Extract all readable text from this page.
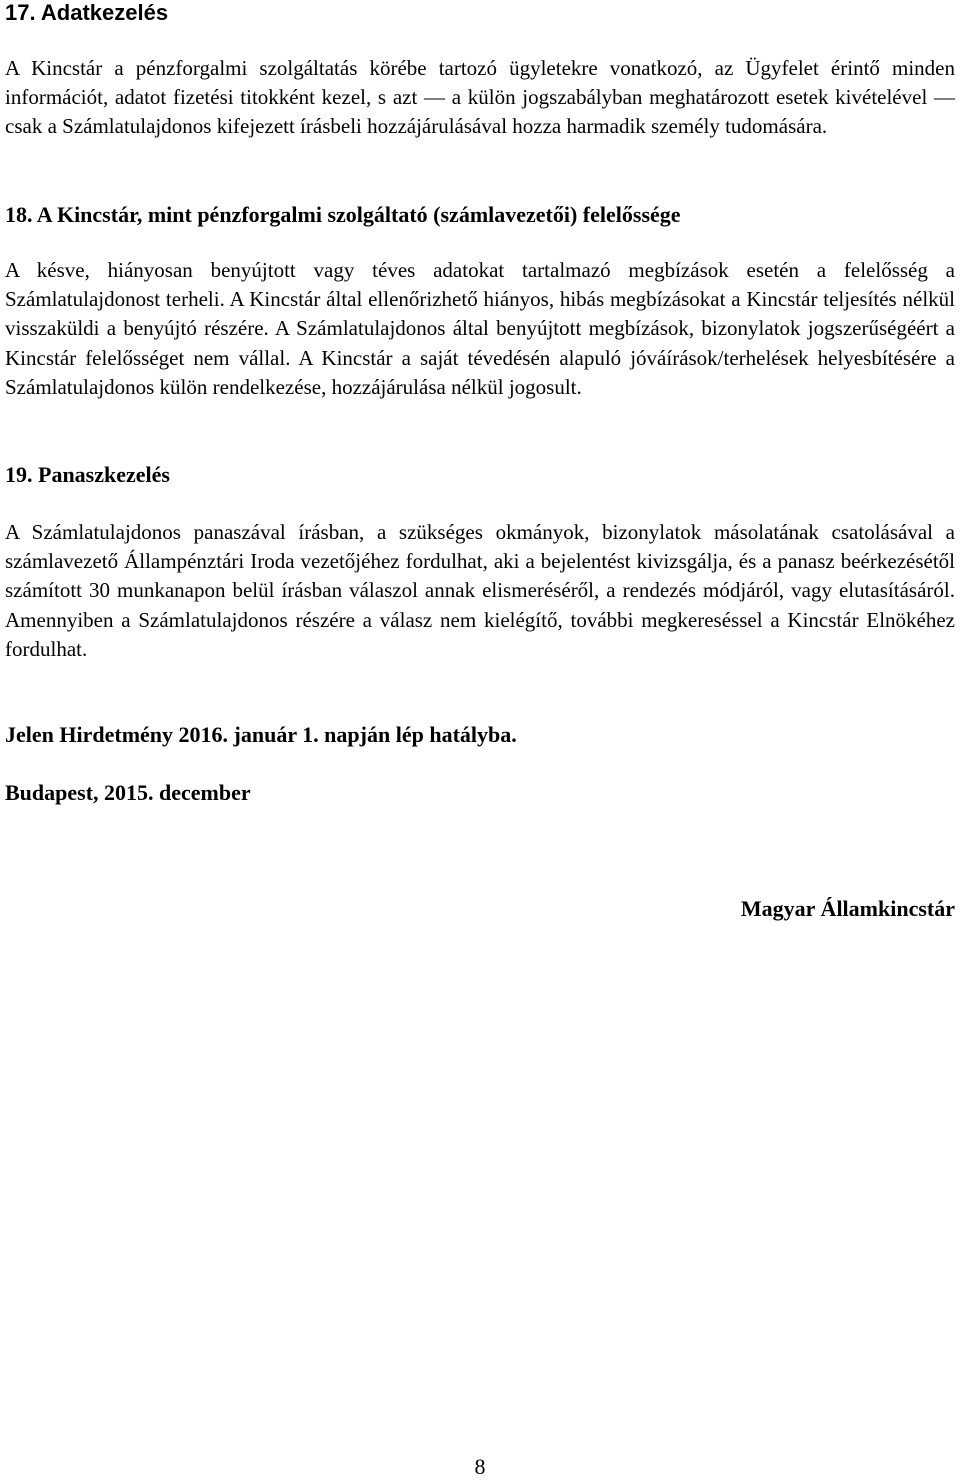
17. Adatkezelés

A Kincstár a pénzforgalmi szolgáltatás körébe tartozó ügyletekre vonatkozó, az Ügyfelet érintő minden információt, adatot fizetési titokként kezel, s azt — a külön jogszabályban meghatározott esetek kivételével — csak a Számlatulajdonos kifejezett írásbeli hozzájárulásával hozza harmadik személy tudomására.

18. A Kincstár, mint pénzforgalmi szolgáltató (számlavezetői) felelőssége

A késve, hiányosan benyújtott vagy téves adatokat tartalmazó megbízások esetén a felelősség a Számlatulajdonost terheli. A Kincstár által ellenőrizhető hiányos, hibás megbízásokat a Kincstár teljesítés nélkül visszaküldi a benyújtó részére. A Számlatulajdonos által benyújtott megbízások, bizonylatok jogszerűségéért a Kincstár felelősséget nem vállal. A Kincstár a saját tévedésén alapuló jóváírások/terhelések helyesbítésére a Számlatulajdonos külön rendelkezése, hozzájárulása nélkül jogosult.

19. Panaszkezelés

A Számlatulajdonos panaszával írásban, a szükséges okmányok, bizonylatok másolatának csatolásával a számlavezető Állampénztári Iroda vezetőjéhez fordulhat, aki a bejelentést kivizsgálja, és a panasz beérkezésétől számított 30 munkanapon belül írásban válaszol annak elismeréséről, a rendezés módjáról, vagy elutasításáról. Amennyiben a Számlatulajdonos részére a válasz nem kielégítő, további megkereséssel a Kincstár Elnökéhez fordulhat.

Jelen Hirdetmény 2016. január 1. napján lép hatályba.

Budapest, 2015. december

Magyar Államkincstár

8
